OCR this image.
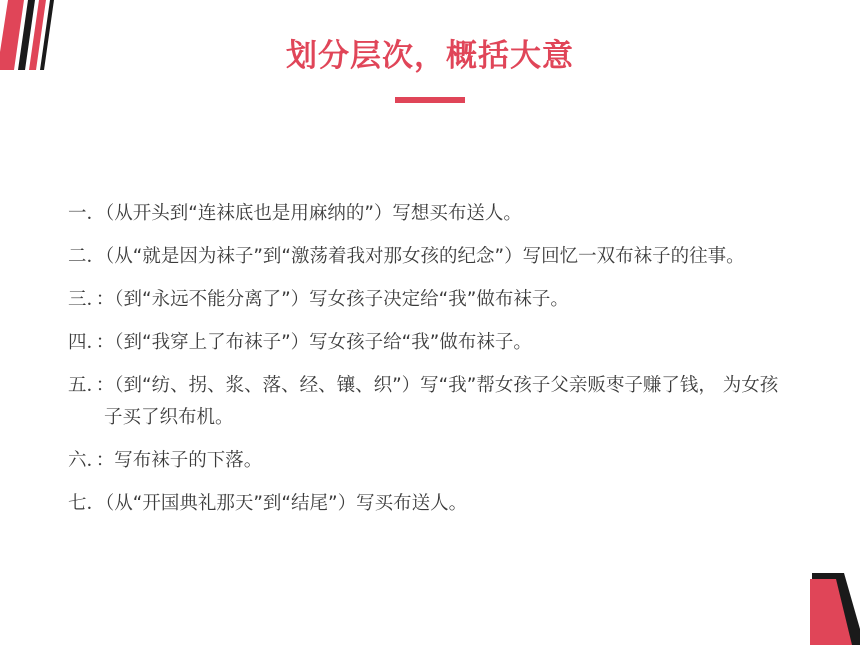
划分层次，概括大意
一．（从开头到“连袜底也是用麻纳的”）写想买布送人。
二．（从“就是因为袜子”到“激荡着我对那女孩的纪念”）写回忆一双布袜子的往事。
三．：（到“永远不能分离了”）写女孩子决定给“我”做布袜子。
四．：（到“我穿上了布袜子”）写女孩子给“我”做布袜子。
五．：（到“纺、拐、浆、落、经、镶、织”）写“我”帮女孩子父亲贩枣子赚了钱， 为女孩子买了织布机。
六．：写布袜子的下落。
七．（从“开国典礼那天”到“结尾”）写买布送人。
